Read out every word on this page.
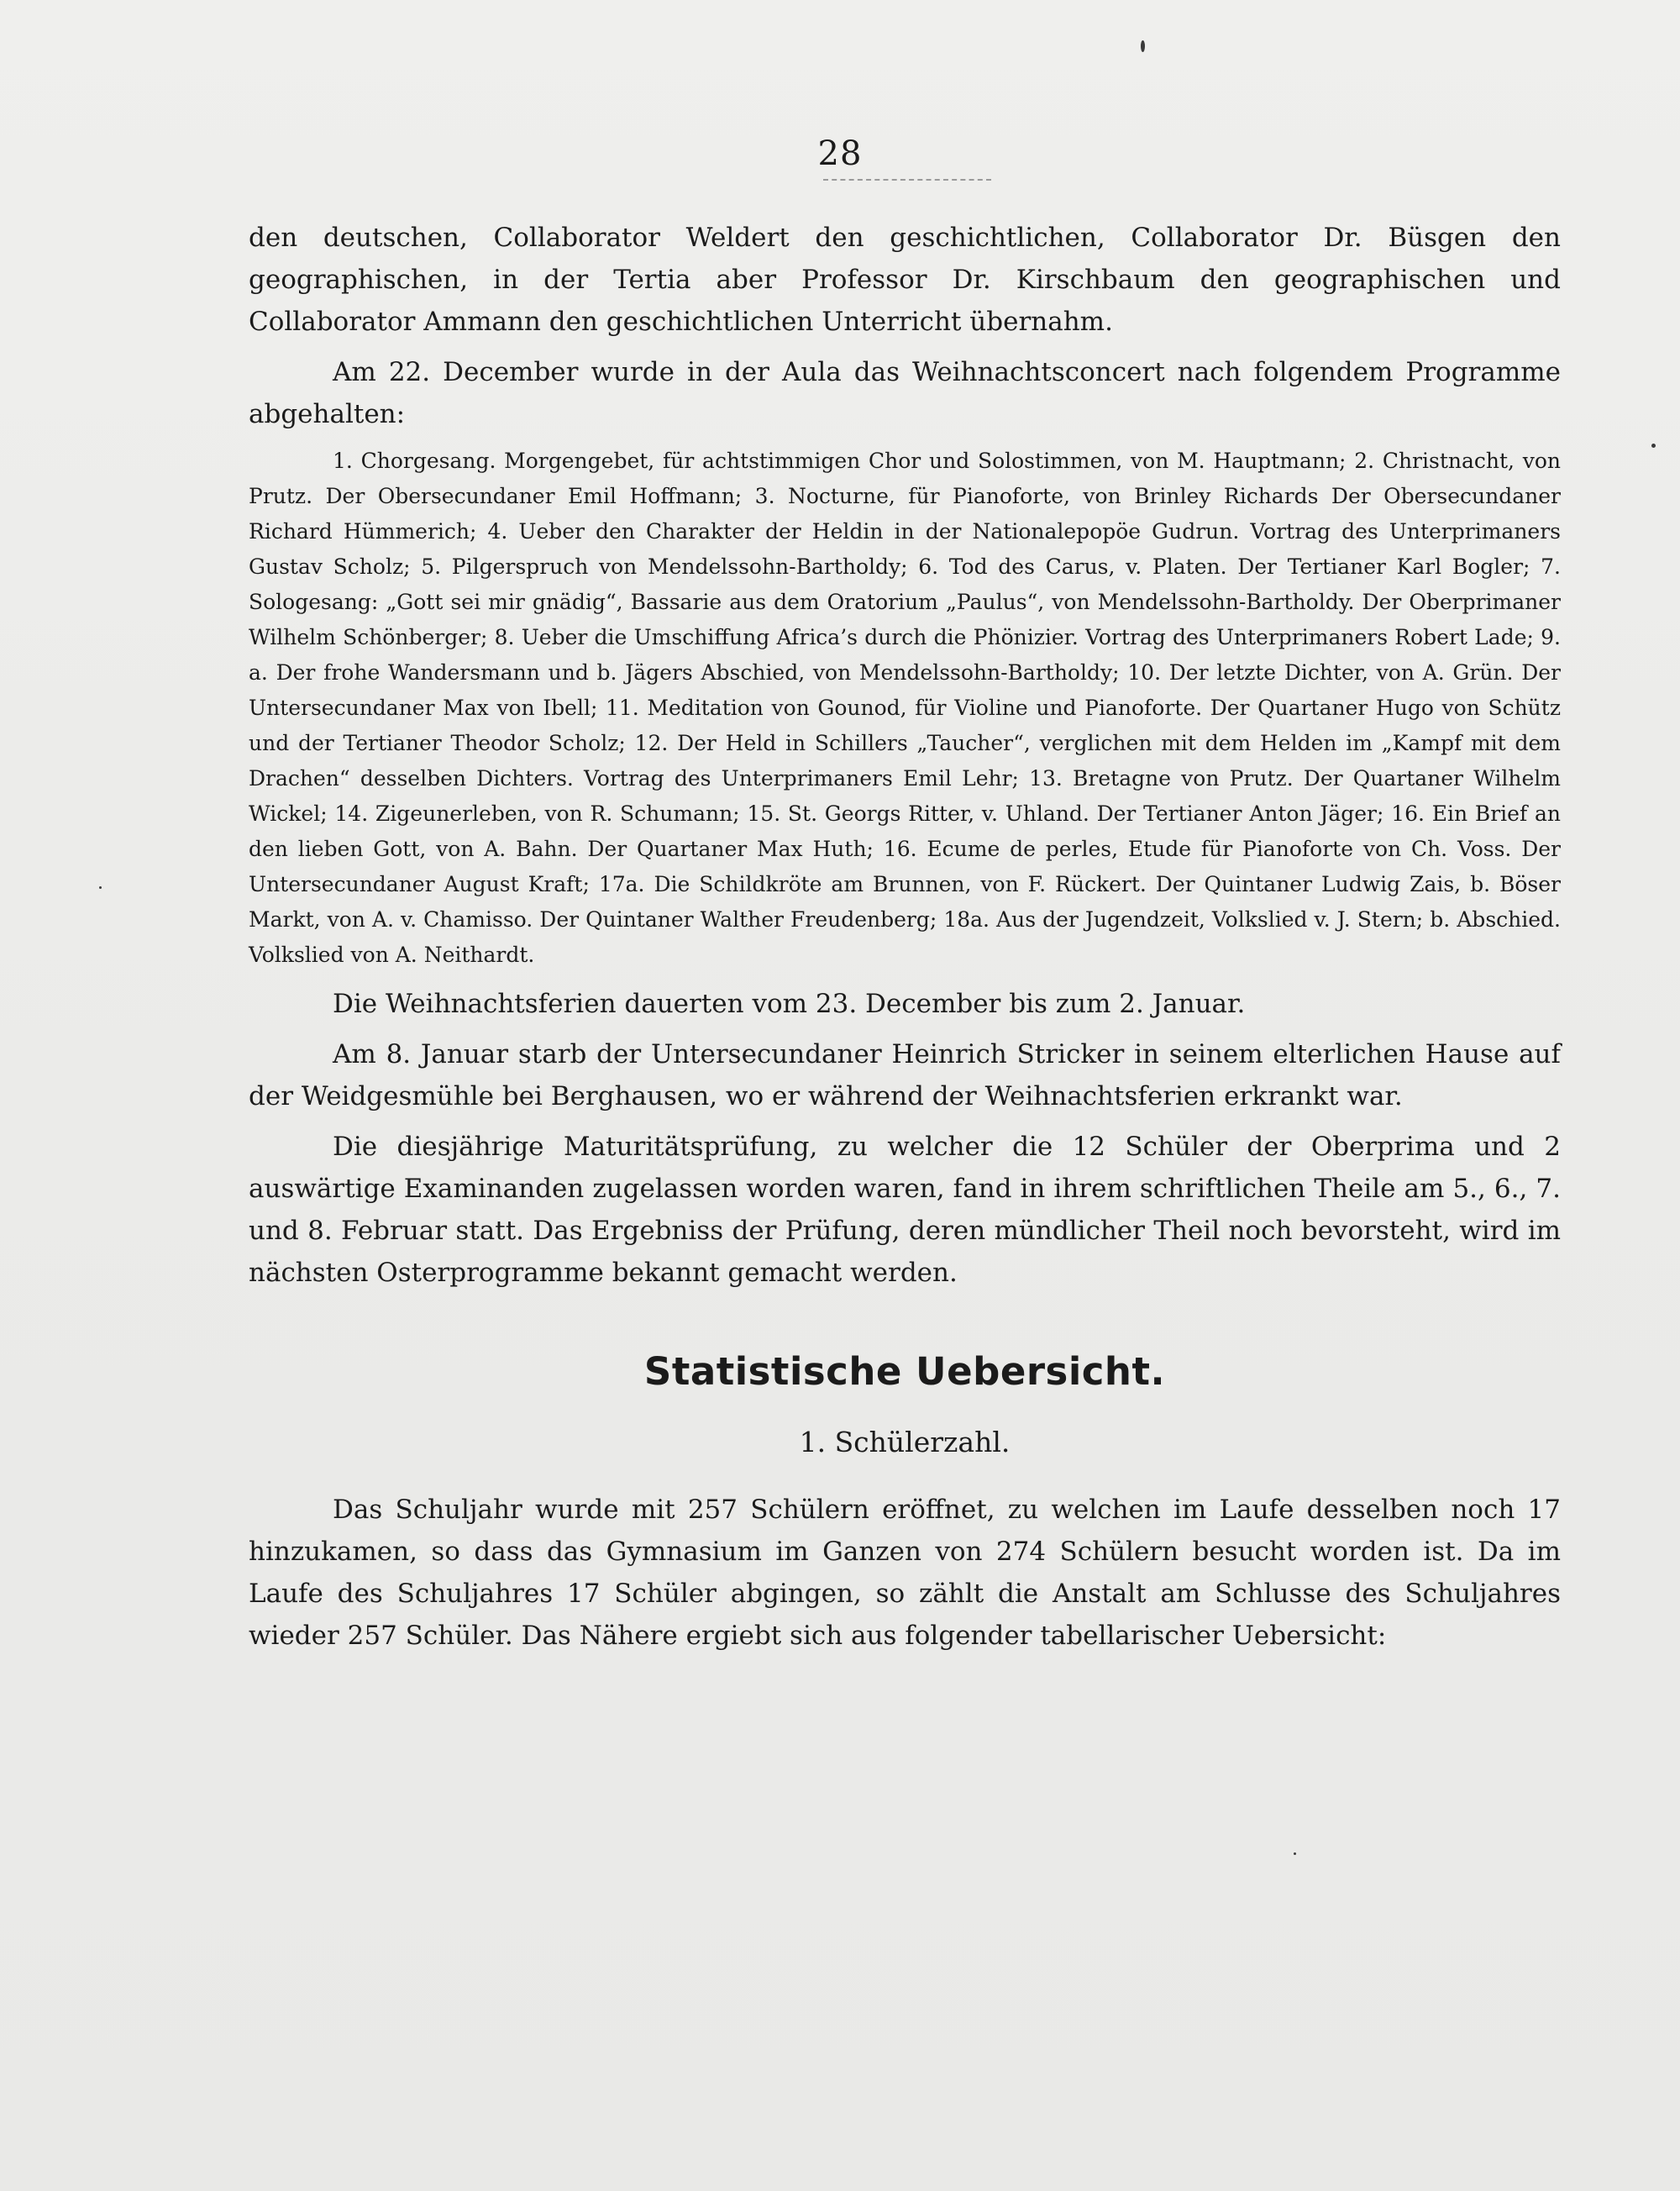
28

den deutschen, Collaborator Weldert den geschichtlichen, Collaborator Dr. Büsgen den geographischen, in der Tertia aber Professor Dr. Kirschbaum den geographischen und Collaborator Ammann den geschichtlichen Unterricht übernahm.

Am 22. December wurde in der Aula das Weihnachtsconcert nach folgendem Programme abgehalten:

1. Chorgesang. Morgengebet, für achtstimmigen Chor und Solostimmen, von M. Hauptmann; 2. Christnacht, von Prutz. Der Obersecundaner Emil Hoffmann; 3. Nocturne, für Pianoforte, von Brinley Richards Der Obersecundaner Richard Hümmerich; 4. Ueber den Charakter der Heldin in der Nationalepopöe Gudrun. Vortrag des Unterprimaners Gustav Scholz; 5. Pilgerspruch von Mendelssohn-Bartholdy; 6. Tod des Carus, v. Platen. Der Tertianer Karl Bogler; 7. Sologesang: „Gott sei mir gnädig“, Bassarie aus dem Oratorium „Paulus“, von Mendelssohn-Bartholdy. Der Oberprimaner Wilhelm Schönberger; 8. Ueber die Umschiffung Africa’s durch die Phönizier. Vortrag des Unterprimaners Robert Lade; 9. a. Der frohe Wandersmann und b. Jägers Abschied, von Mendelssohn-Bartholdy; 10. Der letzte Dichter, von A. Grün. Der Untersecundaner Max von Ibell; 11. Meditation von Gounod, für Violine und Pianoforte. Der Quartaner Hugo von Schütz und der Tertianer Theodor Scholz; 12. Der Held in Schillers „Taucher“, verglichen mit dem Helden im „Kampf mit dem Drachen“ desselben Dichters. Vortrag des Unterprimaners Emil Lehr; 13. Bretagne von Prutz. Der Quartaner Wilhelm Wickel; 14. Zigeunerleben, von R. Schumann; 15. St. Georgs Ritter, v. Uhland. Der Tertianer Anton Jäger; 16. Ein Brief an den lieben Gott, von A. Bahn. Der Quartaner Max Huth; 16. Ecume de perles, Etude für Pianoforte von Ch. Voss. Der Untersecundaner August Kraft; 17a. Die Schildkröte am Brunnen, von F. Rückert. Der Quintaner Ludwig Zais, b. Böser Markt, von A. v. Chamisso. Der Quintaner Walther Freudenberg; 18a. Aus der Jugendzeit, Volkslied v. J. Stern; b. Abschied. Volkslied von A. Neithardt.

Die Weihnachtsferien dauerten vom 23. December bis zum 2. Januar.

Am 8. Januar starb der Untersecundaner Heinrich Stricker in seinem elterlichen Hause auf der Weidgesmühle bei Berghausen, wo er während der Weihnachtsferien erkrankt war.

Die diesjährige Maturitätsprüfung, zu welcher die 12 Schüler der Oberprima und 2 auswärtige Examinanden zugelassen worden waren, fand in ihrem schriftlichen Theile am 5., 6., 7. und 8. Februar statt. Das Ergebniss der Prüfung, deren mündlicher Theil noch bevorsteht, wird im nächsten Osterprogramme bekannt gemacht werden.

Statistische Uebersicht.
1. Schülerzahl.

Das Schuljahr wurde mit 257 Schülern eröffnet, zu welchen im Laufe desselben noch 17 hinzukamen, so dass das Gymnasium im Ganzen von 274 Schülern besucht worden ist. Da im Laufe des Schuljahres 17 Schüler abgingen, so zählt die Anstalt am Schlusse des Schuljahres wieder 257 Schüler. Das Nähere ergiebt sich aus folgender tabellarischer Uebersicht:
